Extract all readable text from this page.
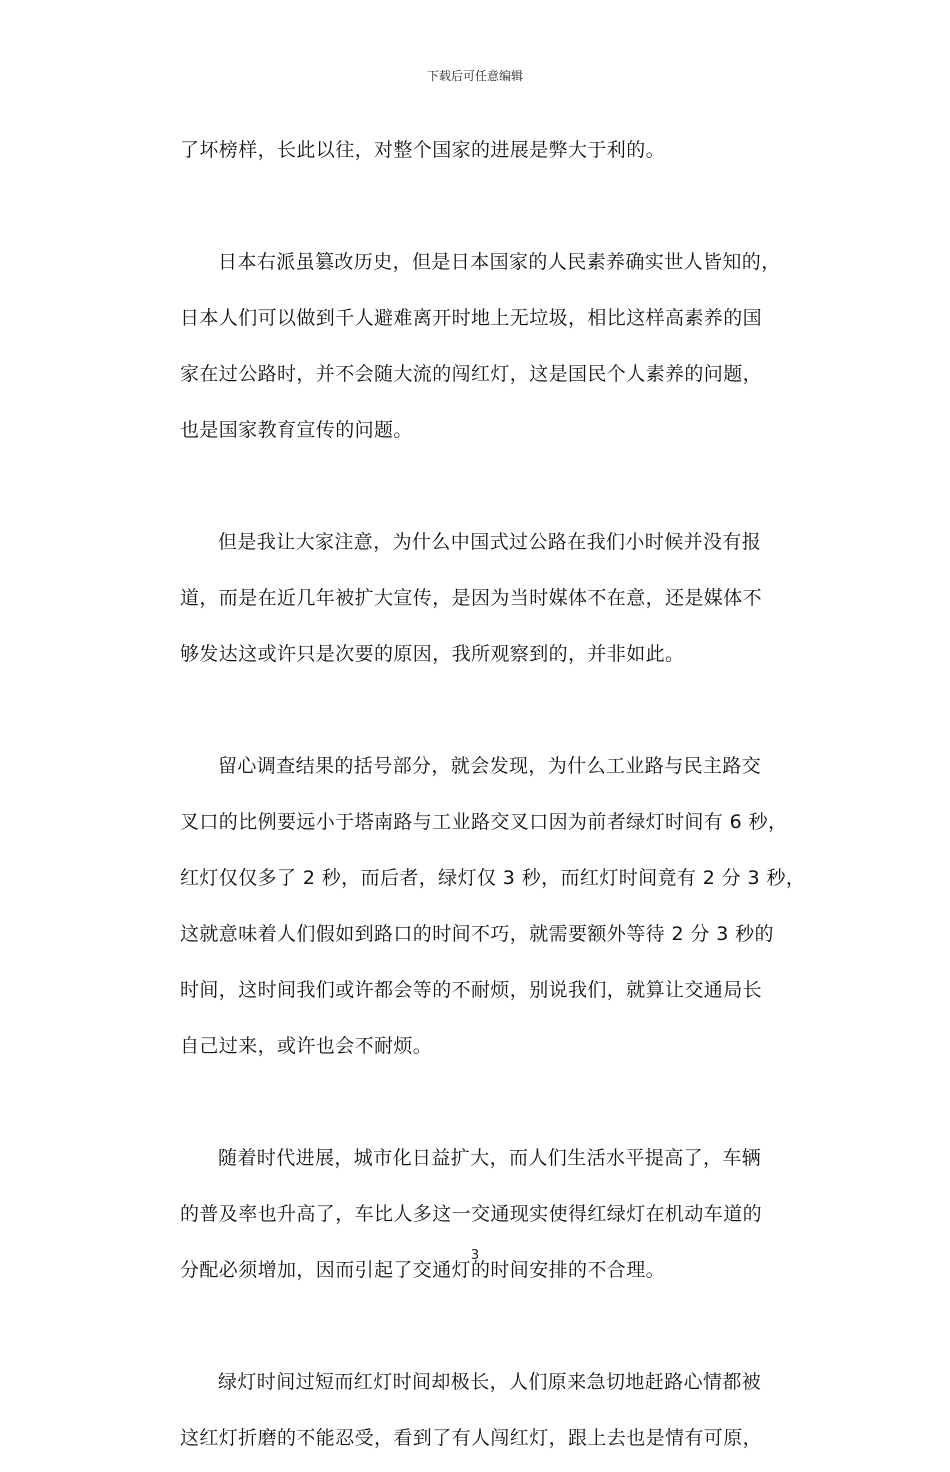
下载后可任意编辑
了坏榜样，长此以往，对整个国家的进展是弊大于利的。
日本右派虽篡改历史，但是日本国家的人民素养确实世人皆知的，
日本人们可以做到千人避难离开时地上无垃圾，相比这样高素养的国
家在过公路时，并不会随大流的闯红灯，这是国民个人素养的问题，
也是国家教育宣传的问题。
但是我让大家注意，为什么中国式过公路在我们小时候并没有报
道，而是在近几年被扩大宣传，是因为当时媒体不在意，还是媒体不
够发达这或许只是次要的原因，我所观察到的，并非如此。
留心调查结果的括号部分，就会发现，为什么工业路与民主路交
叉口的比例要远小于塔南路与工业路交叉口因为前者绿灯时间有 6 秒，
红灯仅仅多了 2 秒，而后者，绿灯仅 3 秒，而红灯时间竟有 2 分 3 秒，
这就意味着人们假如到路口的时间不巧，就需要额外等待 2 分 3 秒的
时间，这时间我们或许都会等的不耐烦，别说我们，就算让交通局长
自己过来，或许也会不耐烦。
随着时代进展，城市化日益扩大，而人们生活水平提高了，车辆
的普及率也升高了，车比人多这一交通现实使得红绿灯在机动车道的
分配必须增加，因而引起了交通灯的时间安排的不合理。
绿灯时间过短而红灯时间却极长，人们原来急切地赶路心情都被
这红灯折磨的不能忍受，看到了有人闯红灯，跟上去也是情有可原，
3
